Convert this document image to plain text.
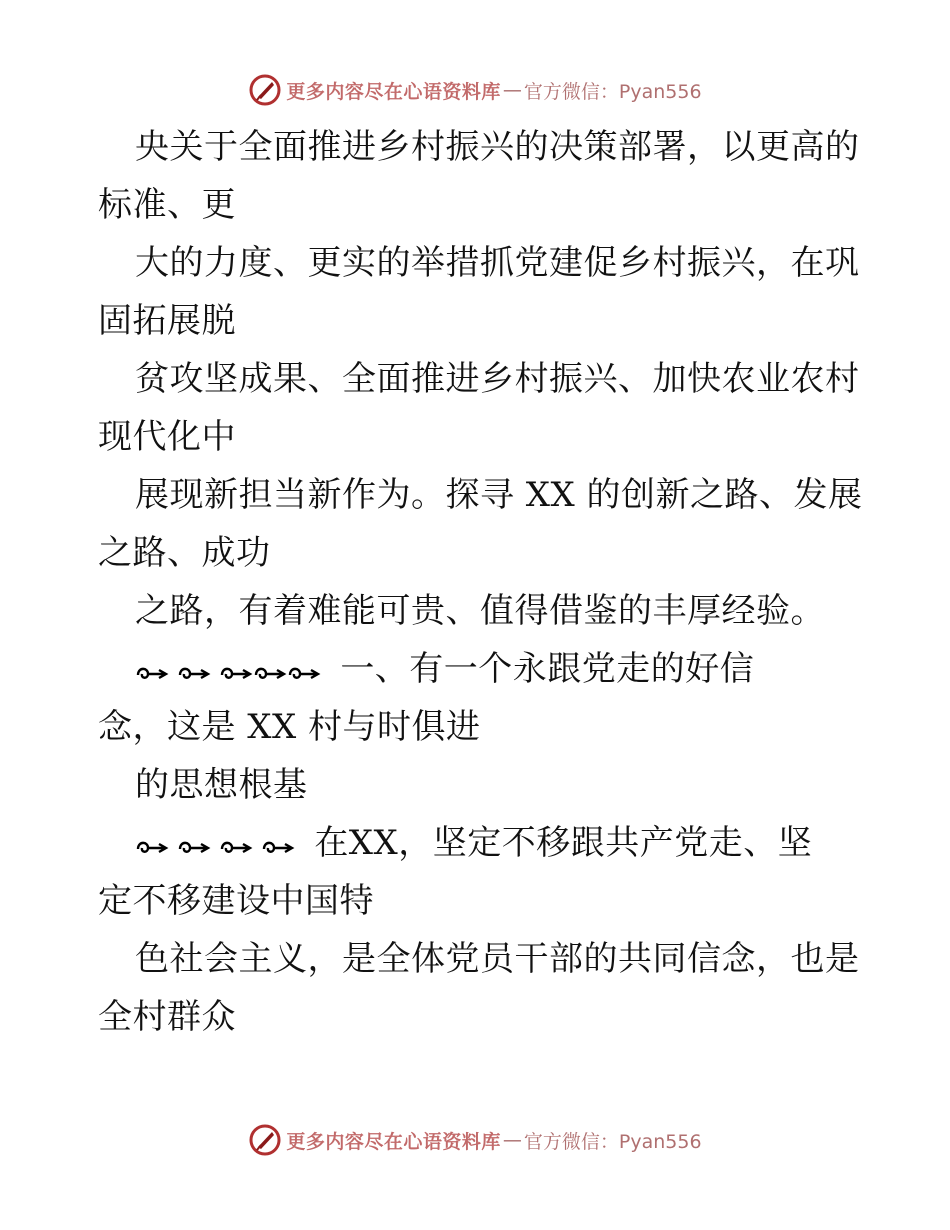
更多内容尽在心语资料库 — 官方微信：Pyan556
央关于全面推进乡村振兴的决策部署，以更高的
标准、更
大的力度、更实的举措抓党建促乡村振兴，在巩
固拓展脱
贫攻坚成果、全面推进乡村振兴、加快农业农村
现代化中
展现新担当新作为。探寻 XX 的创新之路、发展
之路、成功
之路，有着难能可贵、值得借鉴的丰厚经验。
一、有一个永跟党走的好信
念，这是 XX 村与时俱进
的思想根基
在XX，坚定不移跟共产党走、坚
定不移建设中国特
色社会主义，是全体党员干部的共同信念，也是
全村群众
更多内容尽在心语资料库 — 官方微信：Pyan556
